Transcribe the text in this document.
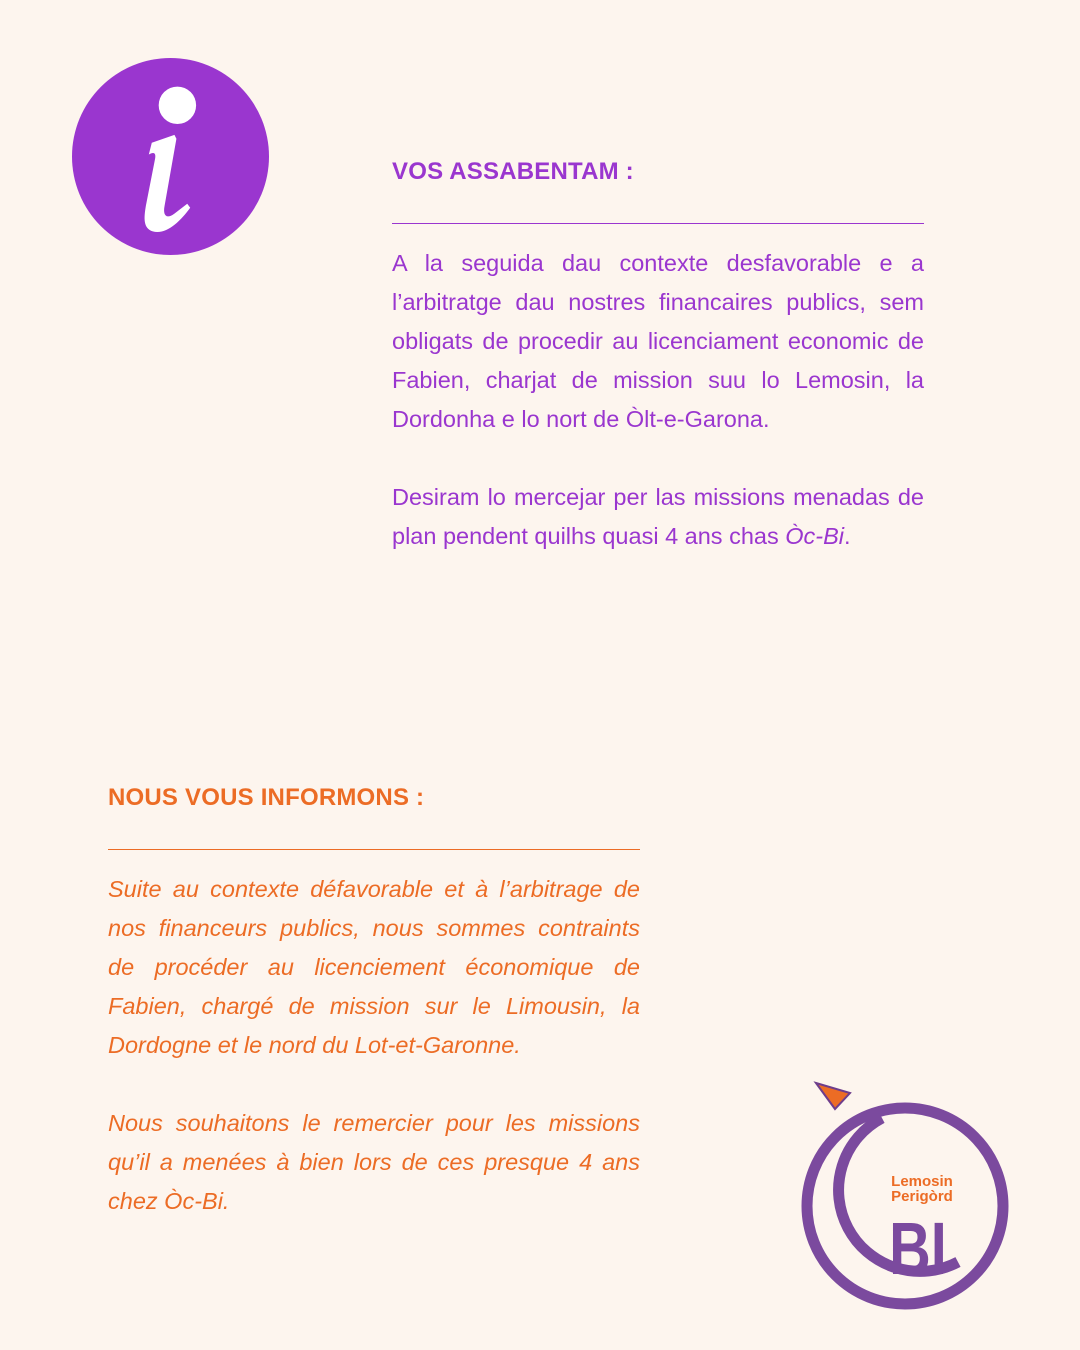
VOS ASSABENTAM :

A la seguida dau contexte desfavorable e a l’arbitratge dau nostres financaires publics, sem obligats de procedir au licenciament economic de Fabien, charjat de mission suu lo Lemosin, la Dordonha e lo nort de Òlt-e-Garona.

Desiram lo mercejar per las missions menadas de plan pendent quilhs quasi 4 ans chas Òc-Bi.

NOUS VOUS INFORMONS :

Suite au contexte défavorable et à l’arbitrage de nos financeurs publics, nous sommes contraints de procéder au licenciement économique de Fabien, chargé de mission sur le Limousin, la Dordogne et le nord du Lot-et-Garonne.

Nous souhaitons le remercier pour les missions qu’il a menées à bien lors de ces presque 4 ans chez Òc-Bi.

Lemosin
Perigòrd
BI
